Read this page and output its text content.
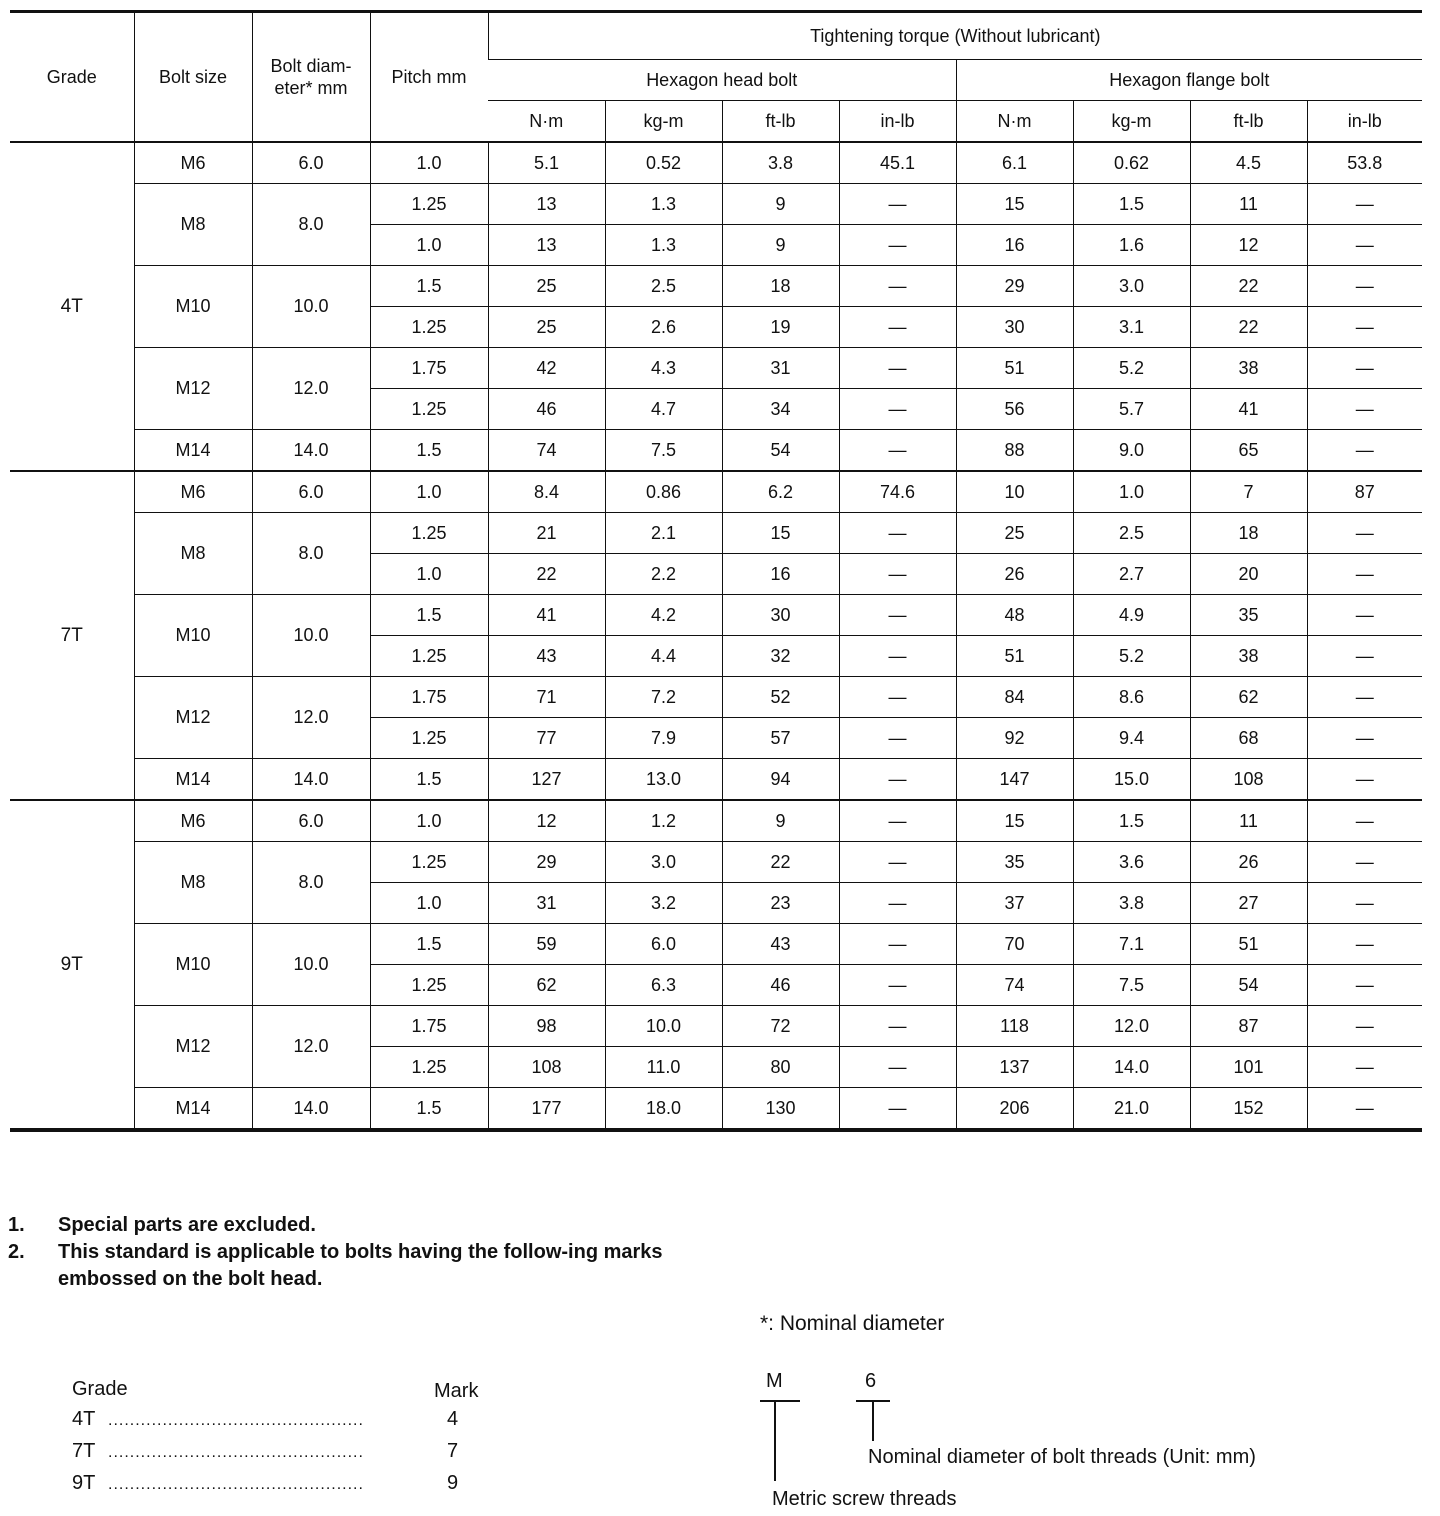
Grade	Bolt size	Bolt diam-eter* mm	Pitch mm	Tightening torque (Without lubricant)							
				Hexagon head bolt				Hexagon flange bolt			
				N·m	kg-m	ft-lb	in-lb	N·m	kg-m	ft-lb	in-lb
4T	M6	6.0	1.0	5.1	0.52	3.8	45.1	6.1	0.62	4.5	53.8
	M8	8.0	1.25	13	1.3	9	—	15	1.5	11	—
			1.0	13	1.3	9	—	16	1.6	12	—
	M10	10.0	1.5	25	2.5	18	—	29	3.0	22	—
			1.25	25	2.6	19	—	30	3.1	22	—
	M12	12.0	1.75	42	4.3	31	—	51	5.2	38	—
			1.25	46	4.7	34	—	56	5.7	41	—
	M14	14.0	1.5	74	7.5	54	—	88	9.0	65	—
7T	M6	6.0	1.0	8.4	0.86	6.2	74.6	10	1.0	7	87
	M8	8.0	1.25	21	2.1	15	—	25	2.5	18	—
			1.0	22	2.2	16	—	26	2.7	20	—
	M10	10.0	1.5	41	4.2	30	—	48	4.9	35	—
			1.25	43	4.4	32	—	51	5.2	38	—
	M12	12.0	1.75	71	7.2	52	—	84	8.6	62	—
			1.25	77	7.9	57	—	92	9.4	68	—
	M14	14.0	1.5	127	13.0	94	—	147	15.0	108	—
9T	M6	6.0	1.0	12	1.2	9	—	15	1.5	11	—
	M8	8.0	1.25	29	3.0	22	—	35	3.6	26	—
			1.0	31	3.2	23	—	37	3.8	27	—
	M10	10.0	1.5	59	6.0	43	—	70	7.1	51	—
			1.25	62	6.3	46	—	74	7.5	54	—
	M12	12.0	1.75	98	10.0	72	—	118	12.0	87	—
			1.25	108	11.0	80	—	137	14.0	101	—
	M14	14.0	1.5	177	18.0	130	—	206	21.0	152	—
1. Special parts are excluded.
2. This standard is applicable to bolts having the follow-ing marks embossed on the bolt head.
*: Nominal diameter
Grade	Mark
4T ...............................................	4
7T ...............................................	7
9T ...............................................	9
M	6
Nominal diameter of bolt threads (Unit: mm)
Metric screw threads
